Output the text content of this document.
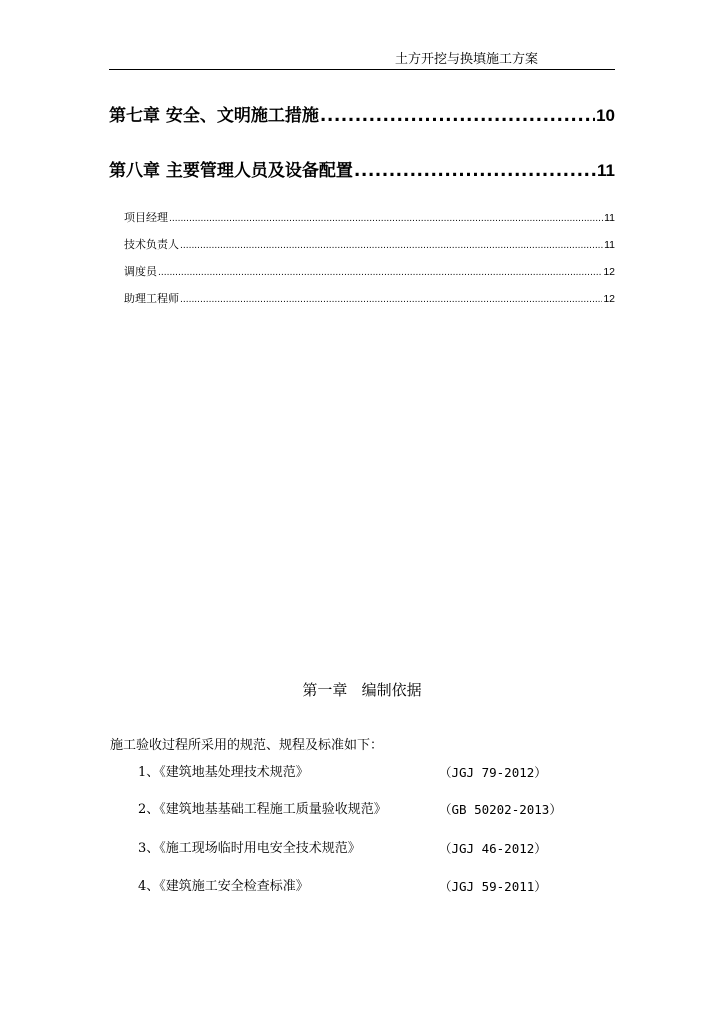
土方开挖与换填施工方案
第七章 安全、文明施工措施 .....	10
第八章 主要管理人员及设备配置 .....	11
项目经理 .....	11
技术负责人 .....	11
调度员 .....	12
助理工程师 .....	12
第一章   编制依据
施工验收过程所采用的规范、规程及标准如下：
1、《建筑地基处理技术规范》	（JGJ 79-2012）
2、《建筑地基基础工程施工质量验收规范》	（GB 50202-2013）
3、《施工现场临时用电安全技术规范》	（JGJ 46-2012）
4、《建筑施工安全检查标准》	（JGJ 59-2011）
